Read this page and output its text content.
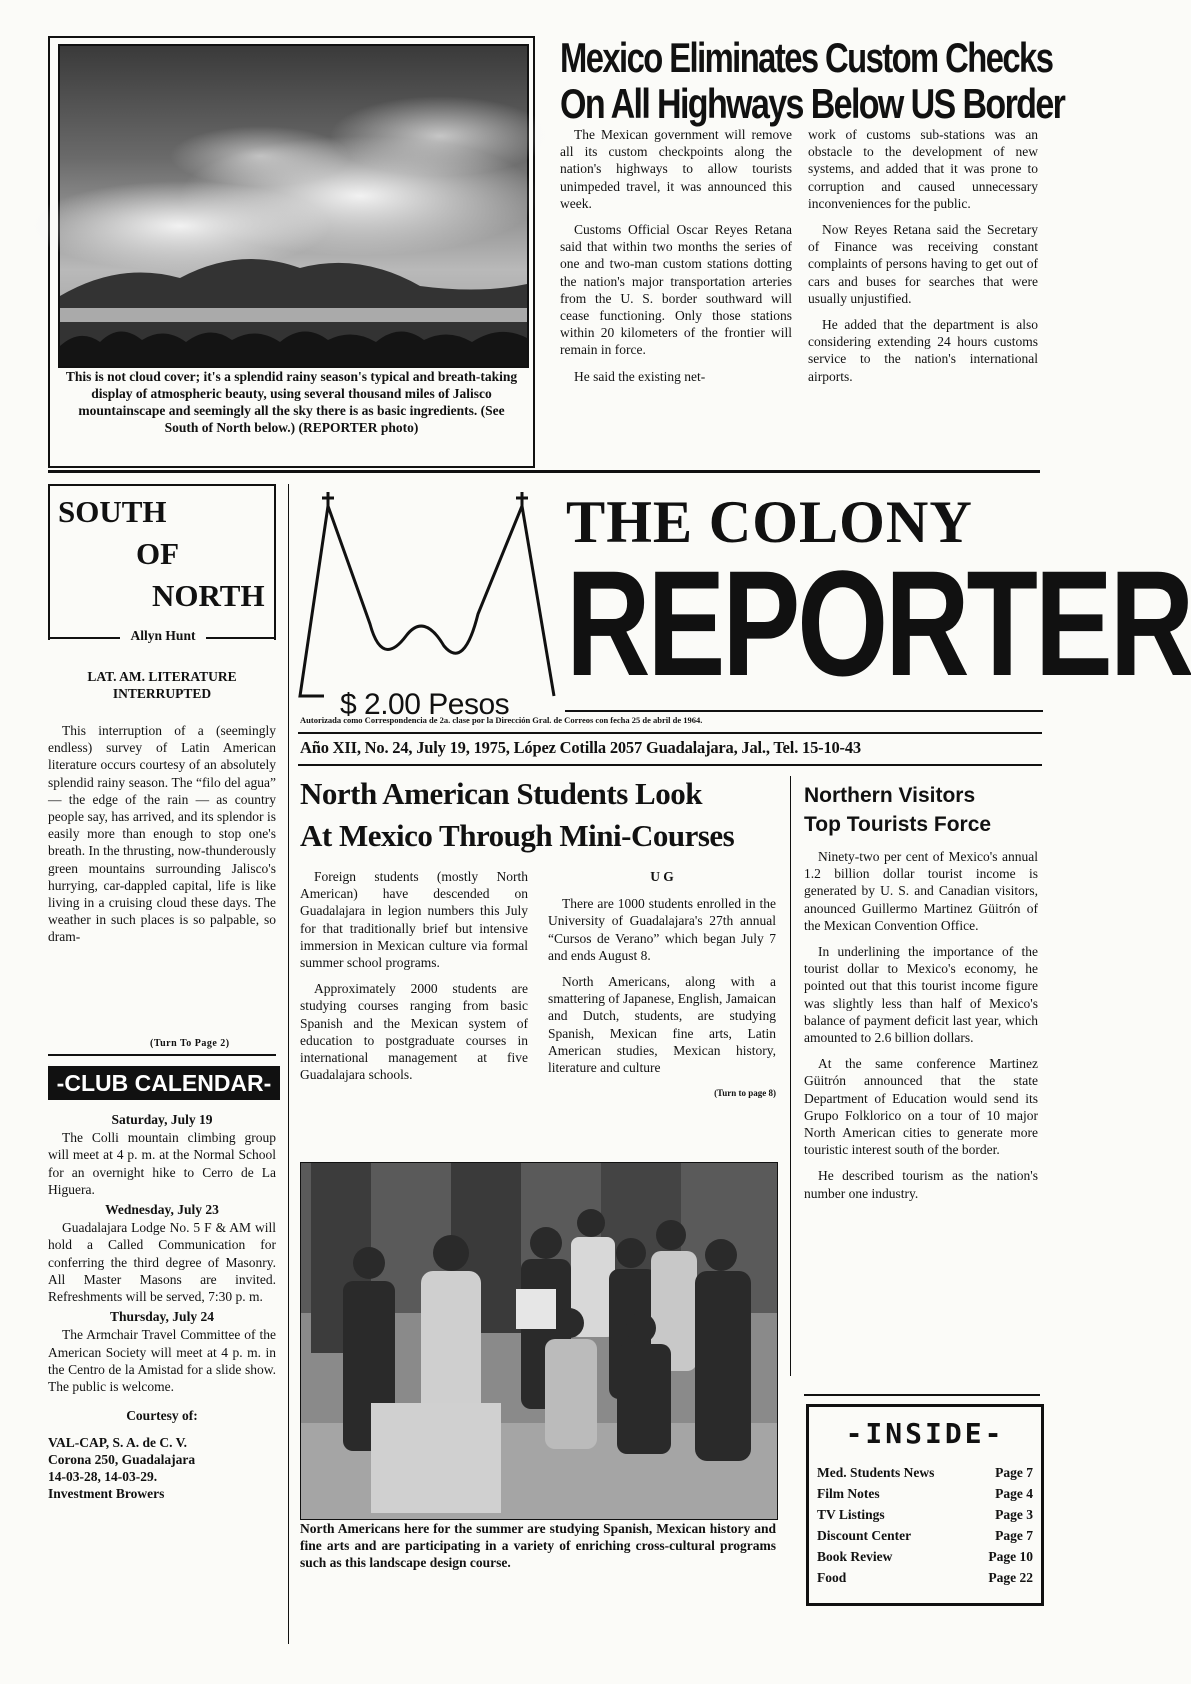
This is not cloud cover; it's a splendid rainy season's typical and breath-taking display of atmospheric beauty, using several thousand miles of Jalisco mountainscape and seemingly all the sky there is as basic ingredients. (See South of North below.) (REPORTER photo)
Mexico Eliminates Custom Checks
On All Highways Below US Border

The Mexican government will remove all its custom checkpoints along the nation's highways to allow tourists unimpeded travel, it was announced this week.

Customs Official Oscar Reyes Retana said that within two months the series of one and two-man custom stations dotting the nation's major transportation arteries from the U. S. border southward will cease functioning. Only those stations within 20 kilometers of the frontier will remain in force.

He said the existing net-

work of customs sub-stations was an obstacle to the development of new systems, and added that it was prone to corruption and caused unnecessary inconveniences for the public.

Now Reyes Retana said the Secretary of Finance was receiving constant complaints of persons having to get out of cars and buses for searches that were usually unjustified.

He added that the department is also considering extending 24 hours customs service to the nation's international airports.

SOUTH
OF
NORTH
Allyn Hunt
LAT. AM. LITERATURE INTERRUPTED

This interruption of a (seemingly endless) survey of Latin American literature occurs courtesy of an absolutely splendid rainy season. The “filo del agua” — the edge of the rain — as country people say, has arrived, and its splendor is easily more than enough to stop one's breath. In the thrusting, now-thunderously green mountains surrounding Jalisco's hurrying, car-dappled capital, life is like living in a cruising cloud these days. The weather in such places is so palpable, so dram-

(Turn To Page 2)
-CLUB CALENDAR-
Saturday, July 19

The Colli mountain climbing group will meet at 4 p. m. at the Normal School for an overnight hike to Cerro de La Higuera.

Wednesday, July 23

Guadalajara Lodge No. 5 F & AM will hold a Called Communication for conferring the third degree of Masonry. All Master Masons are invited. Refreshments will be served, 7:30 p. m.

Thursday, July 24

The Armchair Travel Committee of the American Society will meet at 4 p. m. in the Centro de la Amistad for a slide show. The public is welcome.

Courtesy of:
VAL-CAP, S. A. de C. V.
Corona 250, Guadalajara
14-03-28, 14-03-29.
Investment Browers
$ 2.00 Pesos
THE COLONY
REPORTER
Autorizada como Correspondencia de 2a. clase por la Dirección Gral. de Correos con fecha 25 de abril de 1964.
Año XII, No. 24, July 19, 1975, López Cotilla 2057 Guadalajara, Jal., Tel. 15-10-43
North American Students Look
At Mexico Through Mini-Courses

Foreign students (mostly North American) have descended on Guadalajara in legion numbers this July for that traditionally brief but intensive immersion in Mexican culture via formal summer school programs.

Approximately 2000 students are studying courses ranging from basic Spanish and the Mexican system of education to postgraduate courses in international management at five Guadalajara schools.

U G

There are 1000 students enrolled in the University of Guadalajara's 27th annual “Cursos de Verano” which began July 7 and ends August 8.

North Americans, along with a smattering of Japanese, English, Jamaican and Dutch, students, are studying Spanish, Mexican fine arts, Latin American studies, Mexican history, literature and culture

(Turn to page 8)
North Americans here for the summer are studying Spanish, Mexican history and fine arts and are participating in a variety of enriching cross-cultural programs such as this landscape design course.
Northern Visitors
Top Tourists Force

Ninety-two per cent of Mexico's annual 1.2 billion dollar tourist income is generated by U. S. and Canadian visitors, anounced Guillermo Martinez Güitrón of the Mexican Convention Office.

In underlining the importance of the tourist dollar to Mexico's economy, he pointed out that this tourist income figure was slightly less than half of Mexico's balance of payment deficit last year, which amounted to 2.6 billion dollars.

At the same conference Martinez Güitrón announced that the state Department of Education would send its Grupo Folklorico on a tour of 10 major North American cities to generate more touristic interest south of the border.

He described tourism as the nation's number one industry.

-INSIDE-
Med. Students News	Page 7
Film Notes	Page 4
TV Listings	Page 3
Discount Center	Page 7
Book Review	Page 10
Food	Page 22
